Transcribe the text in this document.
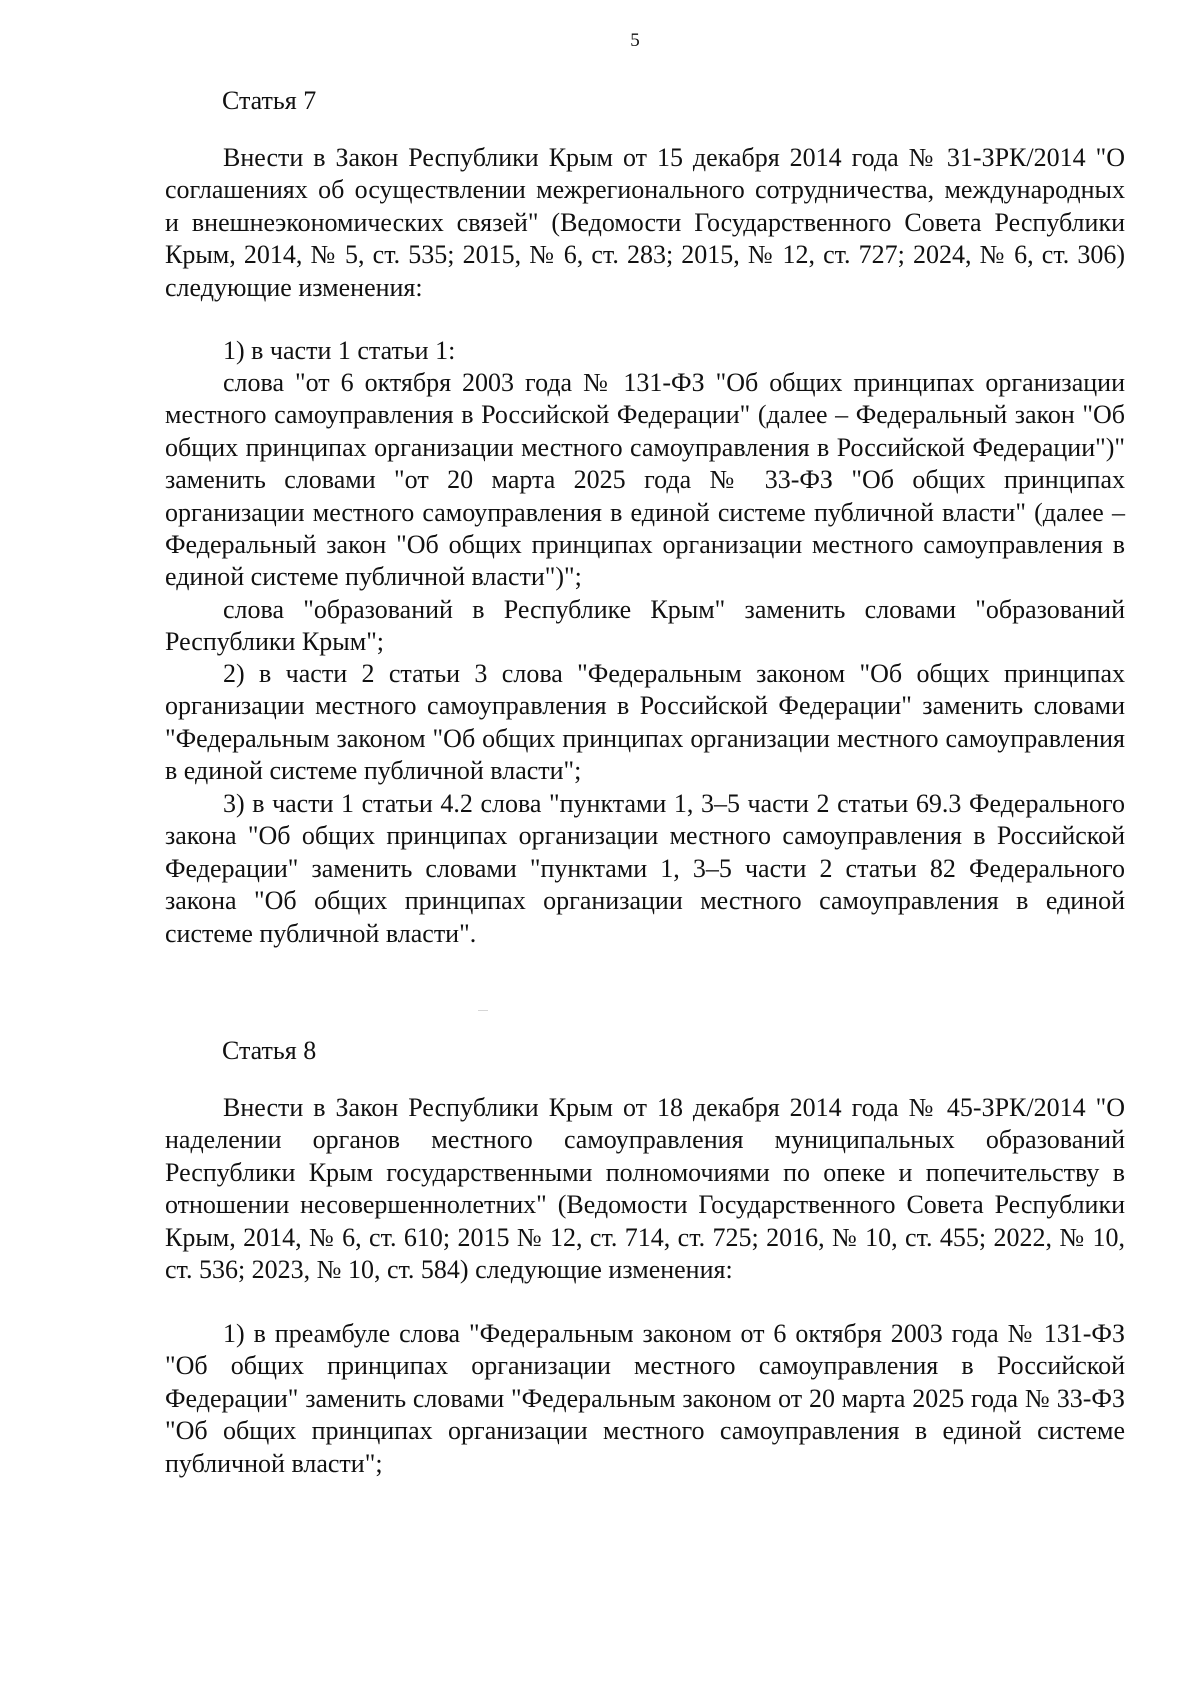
5
Статья 7
Внести в Закон Республики Крым от 15 декабря 2014 года № 31-ЗРК/2014 "О соглашениях об осуществлении межрегионального сотрудничества, международных и внешнеэкономических связей" (Ведомости Государственного Совета Республики Крым, 2014, № 5, ст. 535; 2015, № 6, ст. 283; 2015, № 12, ст. 727; 2024, № 6, ст. 306) следующие изменения:
1) в части 1 статьи 1:
слова "от 6 октября 2003 года № 131-ФЗ "Об общих принципах организации местного самоуправления в Российской Федерации" (далее – Федеральный закон "Об общих принципах организации местного самоуправления в Российской Федерации")" заменить словами "от 20 марта 2025 года № 33-ФЗ "Об общих принципах организации местного самоуправления в единой системе публичной власти" (далее – Федеральный закон "Об общих принципах организации местного самоуправления в единой системе публичной власти")";
слова "образований в Республике Крым" заменить словами "образований Республики Крым";
2) в части 2 статьи 3 слова "Федеральным законом "Об общих принципах организации местного самоуправления в Российской Федерации" заменить словами "Федеральным законом "Об общих принципах организации местного самоуправления в единой системе публичной власти";
3) в части 1 статьи 4.2 слова "пунктами 1, 3–5 части 2 статьи 69.3 Федерального закона "Об общих принципах организации местного самоуправления в Российской Федерации" заменить словами "пунктами 1, 3–5 части 2 статьи 82 Федерального закона "Об общих принципах организации местного самоуправления в единой системе публичной власти".
Статья 8
Внести в Закон Республики Крым от 18 декабря 2014 года № 45-ЗРК/2014 "О наделении органов местного самоуправления муниципальных образований Республики Крым государственными полномочиями по опеке и попечительству в отношении несовершеннолетних" (Ведомости Государственного Совета Республики Крым, 2014, № 6, ст. 610; 2015 № 12, ст. 714, ст. 725; 2016, № 10, ст. 455; 2022, № 10, ст. 536; 2023, № 10, ст. 584) следующие изменения:
1) в преамбуле слова "Федеральным законом от 6 октября 2003 года № 131-ФЗ "Об общих принципах организации местного самоуправления в Российской Федерации" заменить словами "Федеральным законом от 20 марта 2025 года № 33-ФЗ "Об общих принципах организации местного самоуправления в единой системе публичной власти";
